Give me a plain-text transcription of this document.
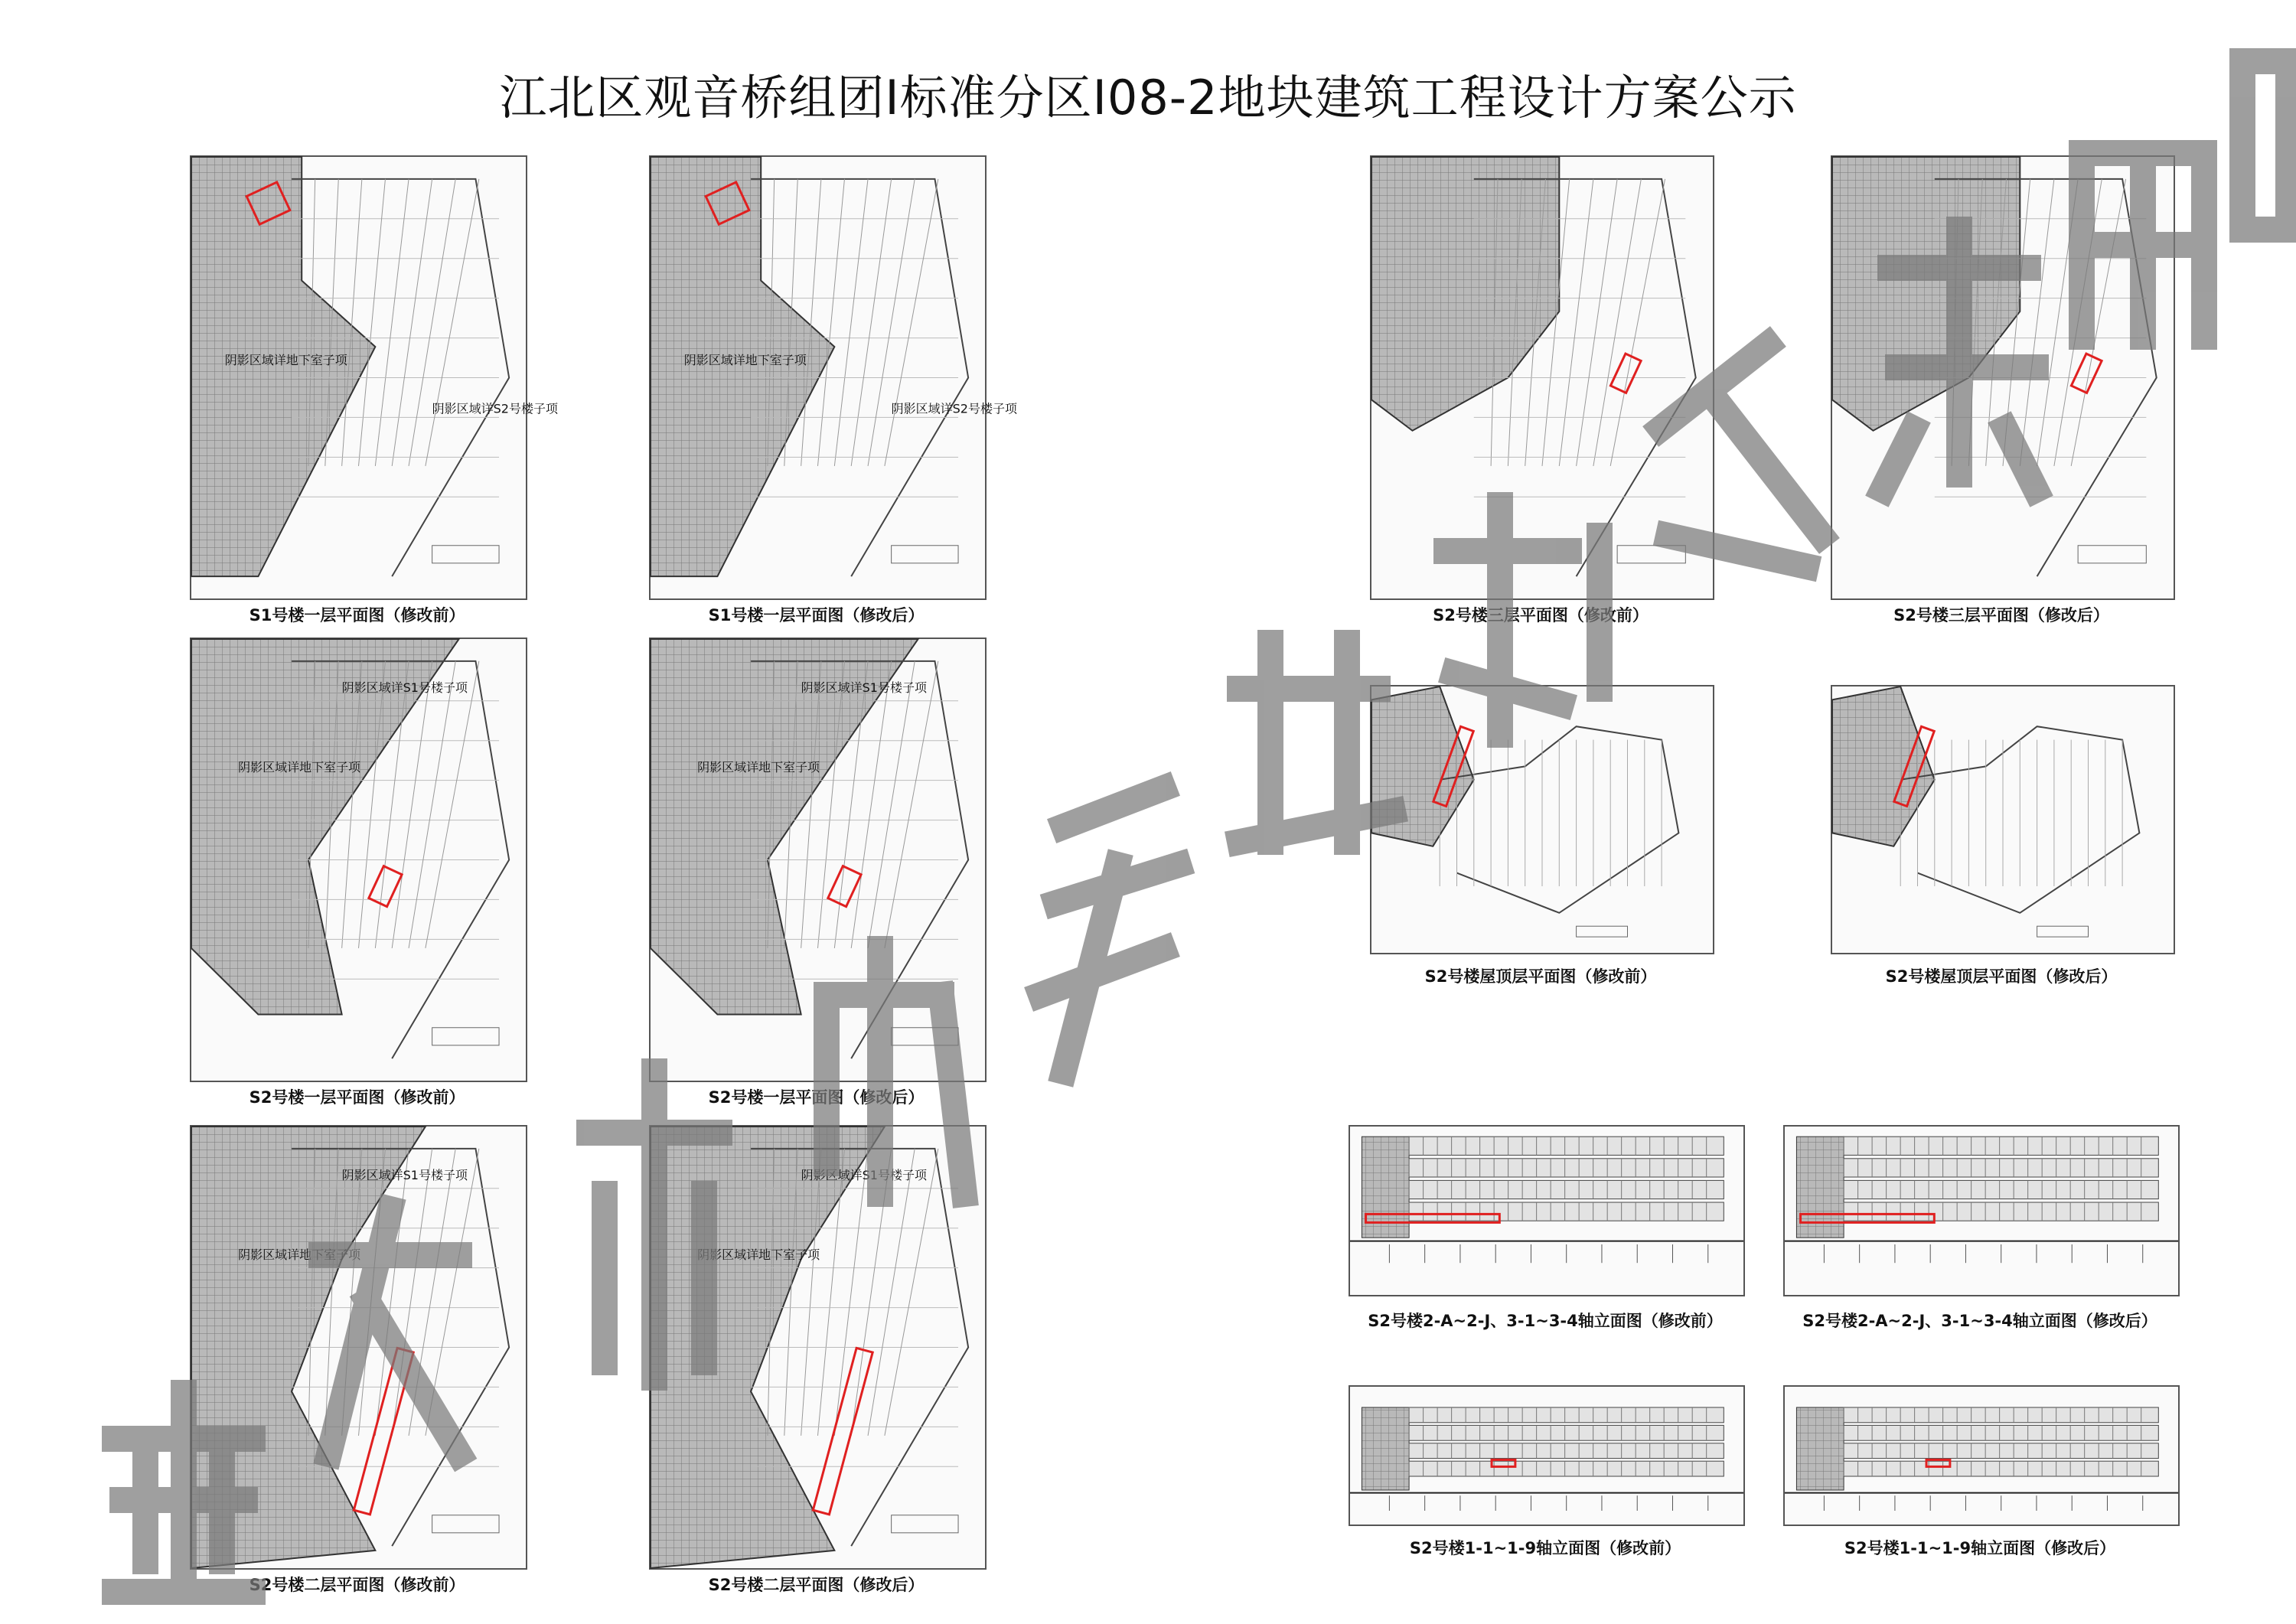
江北区观音桥组团I标准分区I08-2地块建筑工程设计方案公示
阴影区域详地下室子项
阴影区域详S2号楼子项
S1号楼一层平面图（修改前）
阴影区域详地下室子项
阴影区域详S2号楼子项
S1号楼一层平面图（修改后）	S2号楼三层平面图（修改前）	S2号楼三层平面图（修改后）
阴影区域详S1号楼子项
阴影区域详地下室子项
S2号楼一层平面图（修改前）
阴影区域详S1号楼子项
阴影区域详地下室子项
S2号楼一层平面图（修改后）
S2号楼屋顶层平面图（修改前）	S2号楼屋顶层平面图（修改后）
阴影区域详S1号楼子项
阴影区域详地下室子项
S2号楼二层平面图（修改前）
阴影区域详S1号楼子项
阴影区域详地下室子项
S2号楼二层平面图（修改后）
S2号楼2-A~2-J、3-1~3-4轴立面图（修改前）	S2号楼2-A~2-J、3-1~3-4轴立面图（修改后）
S2号楼1-1~1-9轴立面图（修改前）	S2号楼1-1~1-9轴立面图（修改后）
